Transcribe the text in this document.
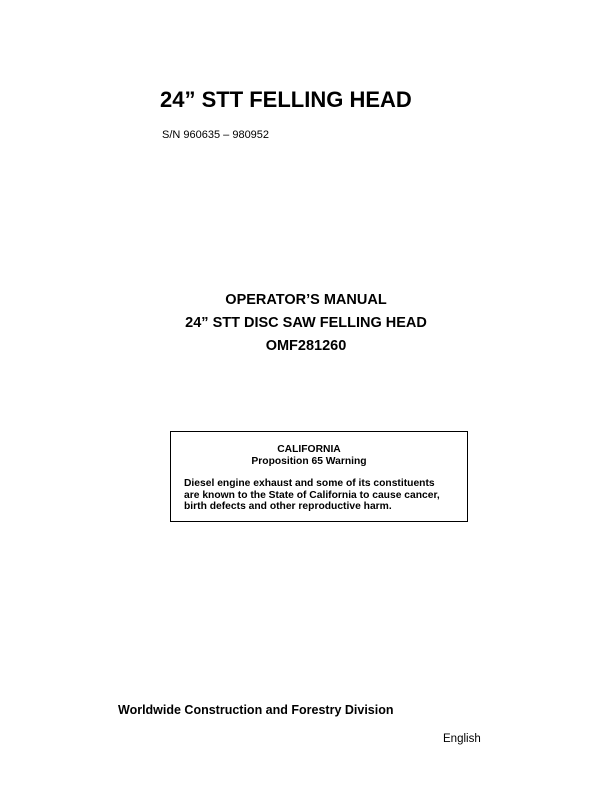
24” STT FELLING HEAD
S/N 960635 – 980952
OPERATOR’S MANUAL
24” STT DISC SAW FELLING HEAD
OMF281260
CALIFORNIA
Proposition 65 Warning
Diesel engine exhaust and some of its constituents
are known to the State of California to cause cancer,
birth defects and other reproductive harm.
Worldwide Construction and Forestry Division
English
